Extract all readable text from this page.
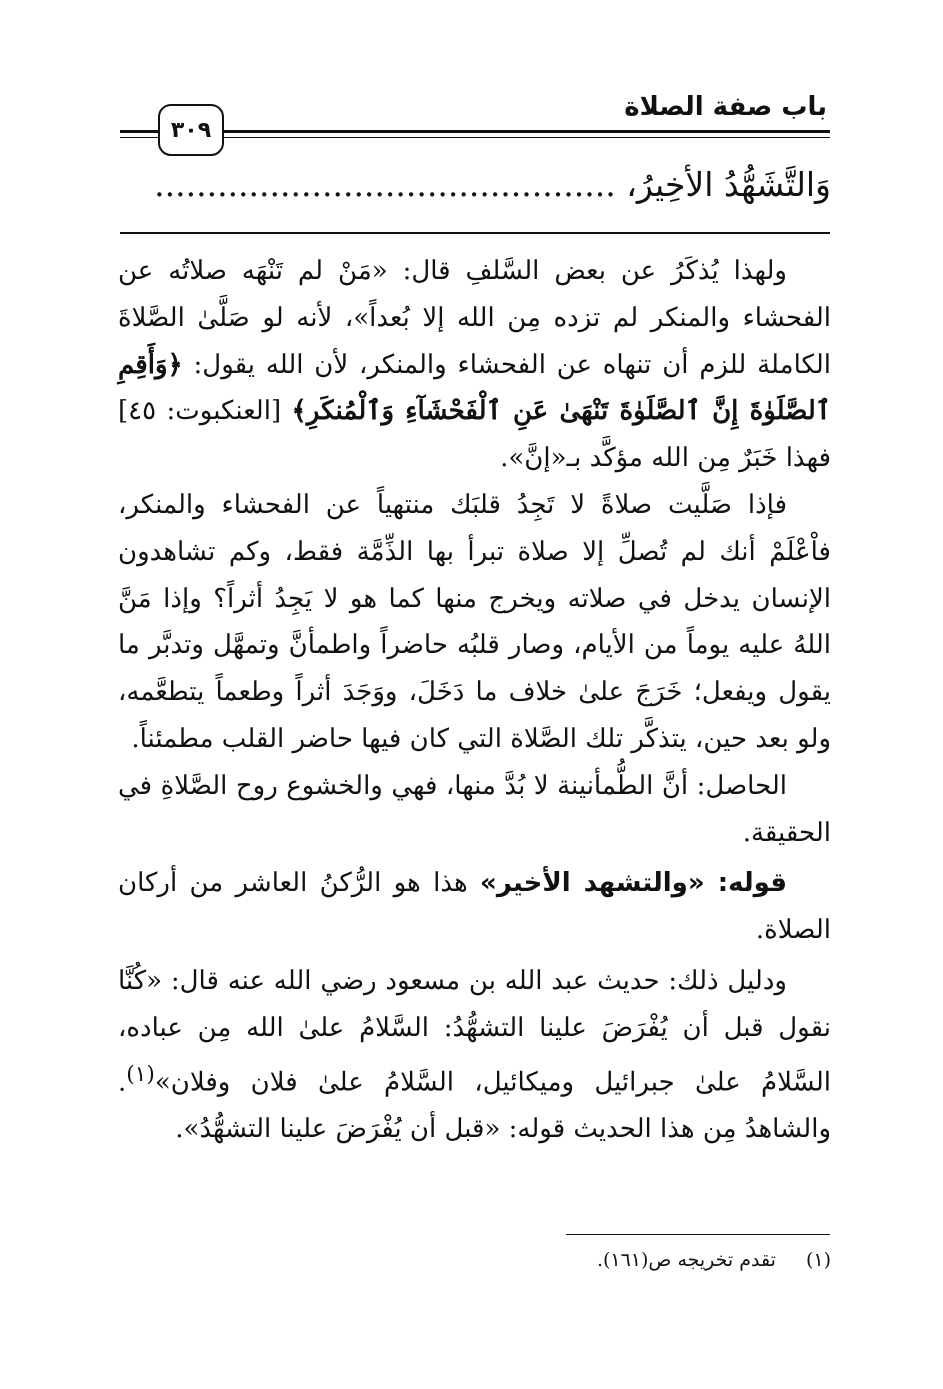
باب صفة الصلاة
٣٠٩
وَالتَّشَهُّدُ الأخِيرُ، ............................................

ولهذا يُذكَرُ عن بعض السَّلفِ قال: «مَنْ لم تَنْهَه صلاتُه عن الفحشاء والمنكر لم تزده مِن الله إلا بُعداً»، لأنه لو صَلَّىٰ الصَّلاةَ الكاملة للزم أن تنهاه عن الفحشاء والمنكر، لأن الله يقول: ﴿وَأَقِمِ ٱلصَّلَوٰةَ إِنَّ ٱلصَّلَوٰةَ تَنْهَىٰ عَنِ ٱلْفَحْشَآءِ وَٱلْمُنكَرِ﴾ [العنكبوت: ٤٥] فهذا خَبَرٌ مِن الله مؤكَّد بـ«إنَّ».

فإذا صَلَّيت صلاةً لا تَجِدُ قلبَك منتهياً عن الفحشاء والمنكر، فاْعْلَمْ أنك لم تُصلِّ إلا صلاة تبرأ بها الذِّمَّة فقط، وكم تشاهدون الإنسان يدخل في صلاته ويخرج منها كما هو لا يَجِدُ أثراً؟ وإذا مَنَّ اللهُ عليه يوماً من الأيام، وصار قلبُه حاضراً واطمأنَّ وتمهَّل وتدبَّر ما يقول ويفعل؛ خَرَجَ علىٰ خلاف ما دَخَلَ، ووَجَدَ أثراً وطعماً يتطعَّمه، ولو بعد حين، يتذكَّر تلك الصَّلاة التي كان فيها حاضر القلب مطمئناً.

الحاصل: أنَّ الطُّمأنينة لا بُدَّ منها، فهي والخشوع روح الصَّلاةِ في الحقيقة.

قوله: «والتشهد الأخير» هذا هو الرُّكنُ العاشر من أركان الصلاة.

ودليل ذلك: حديث عبد الله بن مسعود رضي الله عنه قال: «كُنَّا نقول قبل أن يُفْرَضَ علينا التشهُّدُ: السَّلامُ علىٰ الله مِن عباده، السَّلامُ علىٰ جبرائيل وميكائيل، السَّلامُ علىٰ فلان وفلان»$^{(١)}$. والشاهدُ مِن هذا الحديث قوله: «قبل أن يُفْرَضَ علينا التشهُّدُ».

(١) تقدم تخريجه ص(١٦١).
